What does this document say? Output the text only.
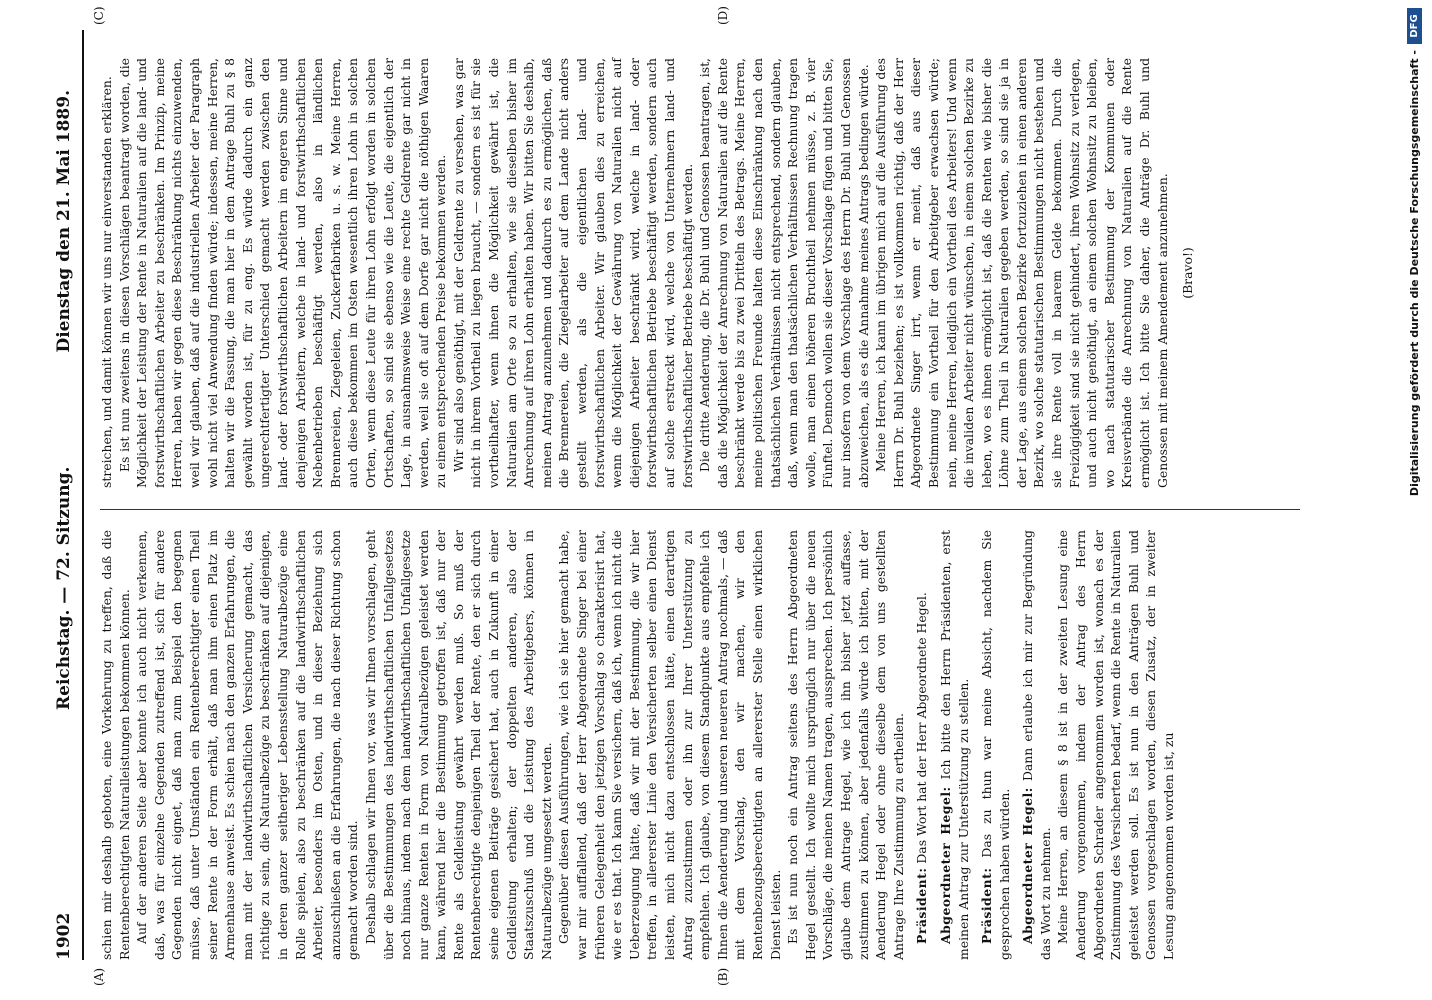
1902
Reichstag. — 72. Sitzung.
Dienstag den 21. Mai 1889.
(A)	(B)
(C)	(D)

schien mir deshalb geboten, eine Vorkehrung zu treffen, daß die Rentenberechtigten Naturalleistungen bekommen können. Auf der anderen Seite aber konnte ich auch nicht verkennen, daß, was für einzelne Gegenden zutreffend ist, sich für andere Gegenden nicht eignet, daß man zum Beispiel den begegnen müsse, daß unter Umständen ein Rentenberechtigter einen Theil seiner Rente in der Form erhält, daß man ihm einen Platz im Armenhause anweist. Es schien nach den ganzen Erfahrungen, die man mit der landwirthschaftlichen Versicherung gemacht, das richtige zu sein, die Naturalbezüge zu beschränken auf diejenigen, in deren ganzer seitheriger Lebensstellung Naturalbezüge eine Rolle spielen, also zu beschränken auf die landwirthschaftlichen Arbeiter, besonders im Osten, und in dieser Beziehung sich anzuschließen an die Erfahrungen, die nach dieser Richtung schon gemacht worden sind. Deshalb schlagen wir Ihnen vor, was wir Ihnen vorschlagen, geht über die Bestimmungen des landwirthschaftlichen Unfallgesetzes noch hinaus, indem nach dem landwirthschaftlichen Unfallgesetze nur ganze Renten in Form von Naturalbezügen geleistet werden kann, während hier die Bestimmung getroffen ist, daß nur der Rente als Geldleistung gewährt werden muß. So muß der Rentenberechtigte denjenigen Theil der Rente, den er sich durch seine eigenen Beiträge gesichert hat, auch in Zukunft in einer Geldleistung erhalten; der doppelten anderen, also der Staatszuschuß und die Leistung des Arbeitgebers, können in Naturalbezüge umgesetzt werden. Gegenüber diesen Ausführungen, wie ich sie hier gemacht habe, war mir auffallend, daß der Herr Abgeordnete Singer bei einer früheren Gelegenheit den jetzigen Vorschlag so charakterisirt hat, wie er es that. Ich kann Sie versichern, daß ich, wenn ich nicht die Ueberzeugung hätte, daß wir mit der Bestimmung, die wir hier treffen, in allererster Linie den Versicherten selber einen Dienst leisten, mich nicht dazu entschlossen hätte, einen derartigen Antrag zuzustimmen oder ihn zur Ihrer Unterstützung zu empfehlen. Ich glaube, von diesem Standpunkte aus empfehle ich Ihnen die Aenderung und unseren neueren Antrag nochmals, — daß mit dem Vorschlag, den wir machen, wir den Rentenbezugsberechtigten an allererster Stelle einen wirklichen Dienst leisten. Es ist nun noch ein Antrag seitens des Herrn Abgeordneten Hegel gestellt. Ich wollte mich ursprünglich nur über die neuen Vorschläge, die meinen Namen tragen, aussprechen. Ich persönlich glaube dem Antrage Hegel, wie ich ihn bisher jetzt auffasse, zustimmen zu können, aber jedenfalls würde ich bitten, mit der Aenderung Hegel oder ohne dieselbe dem von uns gestellten Antrage Ihre Zustimmung zu ertheilen. Präsident: Das Wort hat der Herr Abgeordnete Hegel.

Abgeordneter Hegel: Ich bitte den Herrn Präsidenten, erst meinen Antrag zur Unterstützung zu stellen. Präsident: Das zu thun war meine Absicht, nachdem Sie gesprochen haben würden. Abgeordneter Hegel: Dann erlaube ich mir zur Begründung das Wort zu nehmen. Meine Herren, an diesem § 8 ist in der zweiten Lesung eine Aenderung vorgenommen, indem der Antrag des Herrn Abgeordneten Schrader angenommen worden ist, wonach es der Zustimmung des Versicherten bedarf, wenn die Rente in Naturalien geleistet werden soll. Es ist nun in den Anträgen Buhl und Genossen vorgeschlagen worden, diesen Zusatz, der in zweiter Lesung angenommen worden ist, zu

streichen, und damit können wir uns nur einverstanden erklären. Es ist nun zweitens in diesen Vorschlägen beantragt worden, die Möglichkeit der Leistung der Rente in Naturalien auf die land- und forstwirthschaftlichen Arbeiter zu beschränken. Im Prinzip, meine Herren, haben wir gegen diese Beschränkung nichts einzuwenden, weil wir glauben, daß auf die industriellen Arbeiter der Paragraph wohl nicht viel Anwendung finden würde; indessen, meine Herren, halten wir die Fassung, die man hier in dem Antrage Buhl zu § 8 gewählt worden ist, für zu eng. Es würde dadurch ein ganz ungerechtfertigter Unterschied gemacht werden zwischen den land- oder forstwirthschaftlichen Arbeitern im engeren Sinne und denjenigen Arbeitern, welche in land- und forstwirthschaftlichen Nebenbetrieben beschäftigt werden, also in ländlichen Brennereien, Ziegeleien, Zuckerfabriken u. s. w. Meine Herren, auch diese bekommen im Osten wesentlich ihren Lohn in solchen Orten, wenn diese Leute für ihren Lohn erfolgt worden in solchen Ortschaften, so sind sie ebenso wie die Leute, die eigentlich der Lage, in ausnahmsweise Weise eine rechte Geldrente gar nicht in werden, weil sie oft auf dem Dorfe gar nicht die nöthigen Waaren zu einem entsprechenden Preise bekommen werden. Wir sind also genöthigt, mit der Geldrente zu versehen, was gar nicht in ihrem Vortheil zu liegen braucht, — sondern es ist für sie vortheilhafter, wenn ihnen die Möglichkeit gewährt ist, die Naturalien am Orte so zu erhalten, wie sie dieselben bisher im Anrechnung auf ihren Lohn erhalten haben. Wir bitten Sie deshalb, meinen Antrag anzunehmen und dadurch es zu ermöglichen, daß die Brennereien, die Ziegelarbeiter auf dem Lande nicht anders gestellt werden, als die eigentlichen land- und forstwirthschaftlichen Arbeiter. Wir glauben dies zu erreichen, wenn die Möglichkeit der Gewährung von Naturalien nicht auf diejenigen Arbeiter beschränkt wird, welche in land- oder forstwirthschaftlichen Betriebe beschäftigt werden, sondern auch auf solche erstreckt wird, welche von Unternehmern land- und forstwirthschaftlicher Betriebe beschäftigt werden. Die dritte Aenderung, die Dr. Buhl und Genossen beantragen, ist, daß die Möglichkeit der Anrechnung von Naturalien auf die Rente beschränkt werde bis zu zwei Dritteln des Betrags. Meine Herren, meine politischen Freunde halten diese Einschränkung nach den thatsächlichen Verhältnissen nicht entsprechend, sondern glauben, daß, wenn man den thatsächlichen Verhältnissen Rechnung tragen wolle, man einen höheren Bruchtheil nehmen müsse, z. B. vier Fünftel. Dennoch wollen sie dieser Vorschlage fügen und bitten Sie, nur insofern von dem Vorschlage des Herrn Dr. Buhl und Genossen abzuweichen, als es die Annahme meines Antrags bedingen würde. Meine Herren, ich kann im übrigen mich auf die Ausführung des Herrn Dr. Buhl beziehen; es ist vollkommen richtig, daß der Herr Abgeordnete Singer irrt, wenn er meint, daß aus dieser Bestimmung ein Vortheil für den Arbeitgeber erwachsen würde; nein, meine Herren, lediglich ein Vortheil des Arbeiters! Und wenn die invaliden Arbeiter nicht wünschen, in einem solchen Bezirke zu leben, wo es ihnen ermöglicht ist, daß die Renten wie bisher die Löhne zum Theil in Naturalien gegeben werden, so sind sie ja in der Lage, aus einem solchen Bezirke fortzuziehen in einen anderen Bezirk, wo solche statutarischen Bestimmungen nicht bestehen und sie ihre Rente voll in baarem Gelde bekommen. Durch die Freizügigkeit sind sie nicht gehindert, ihren Wohnsitz zu verlegen, und auch nicht genöthigt, an einem solchen Wohnsitz zu bleiben, wo nach statutarischer Bestimmung der Kommunen oder Kreisverbände die Anrechnung von Naturalien auf die Rente ermöglicht ist. Ich bitte Sie daher, die Anträge Dr. Buhl und Genossen mit meinem Amendement anzunehmen. (Bravo!)	Digitalisierung gefördert durch die Deutsche Forschungsgemeinschaft -
DFG
